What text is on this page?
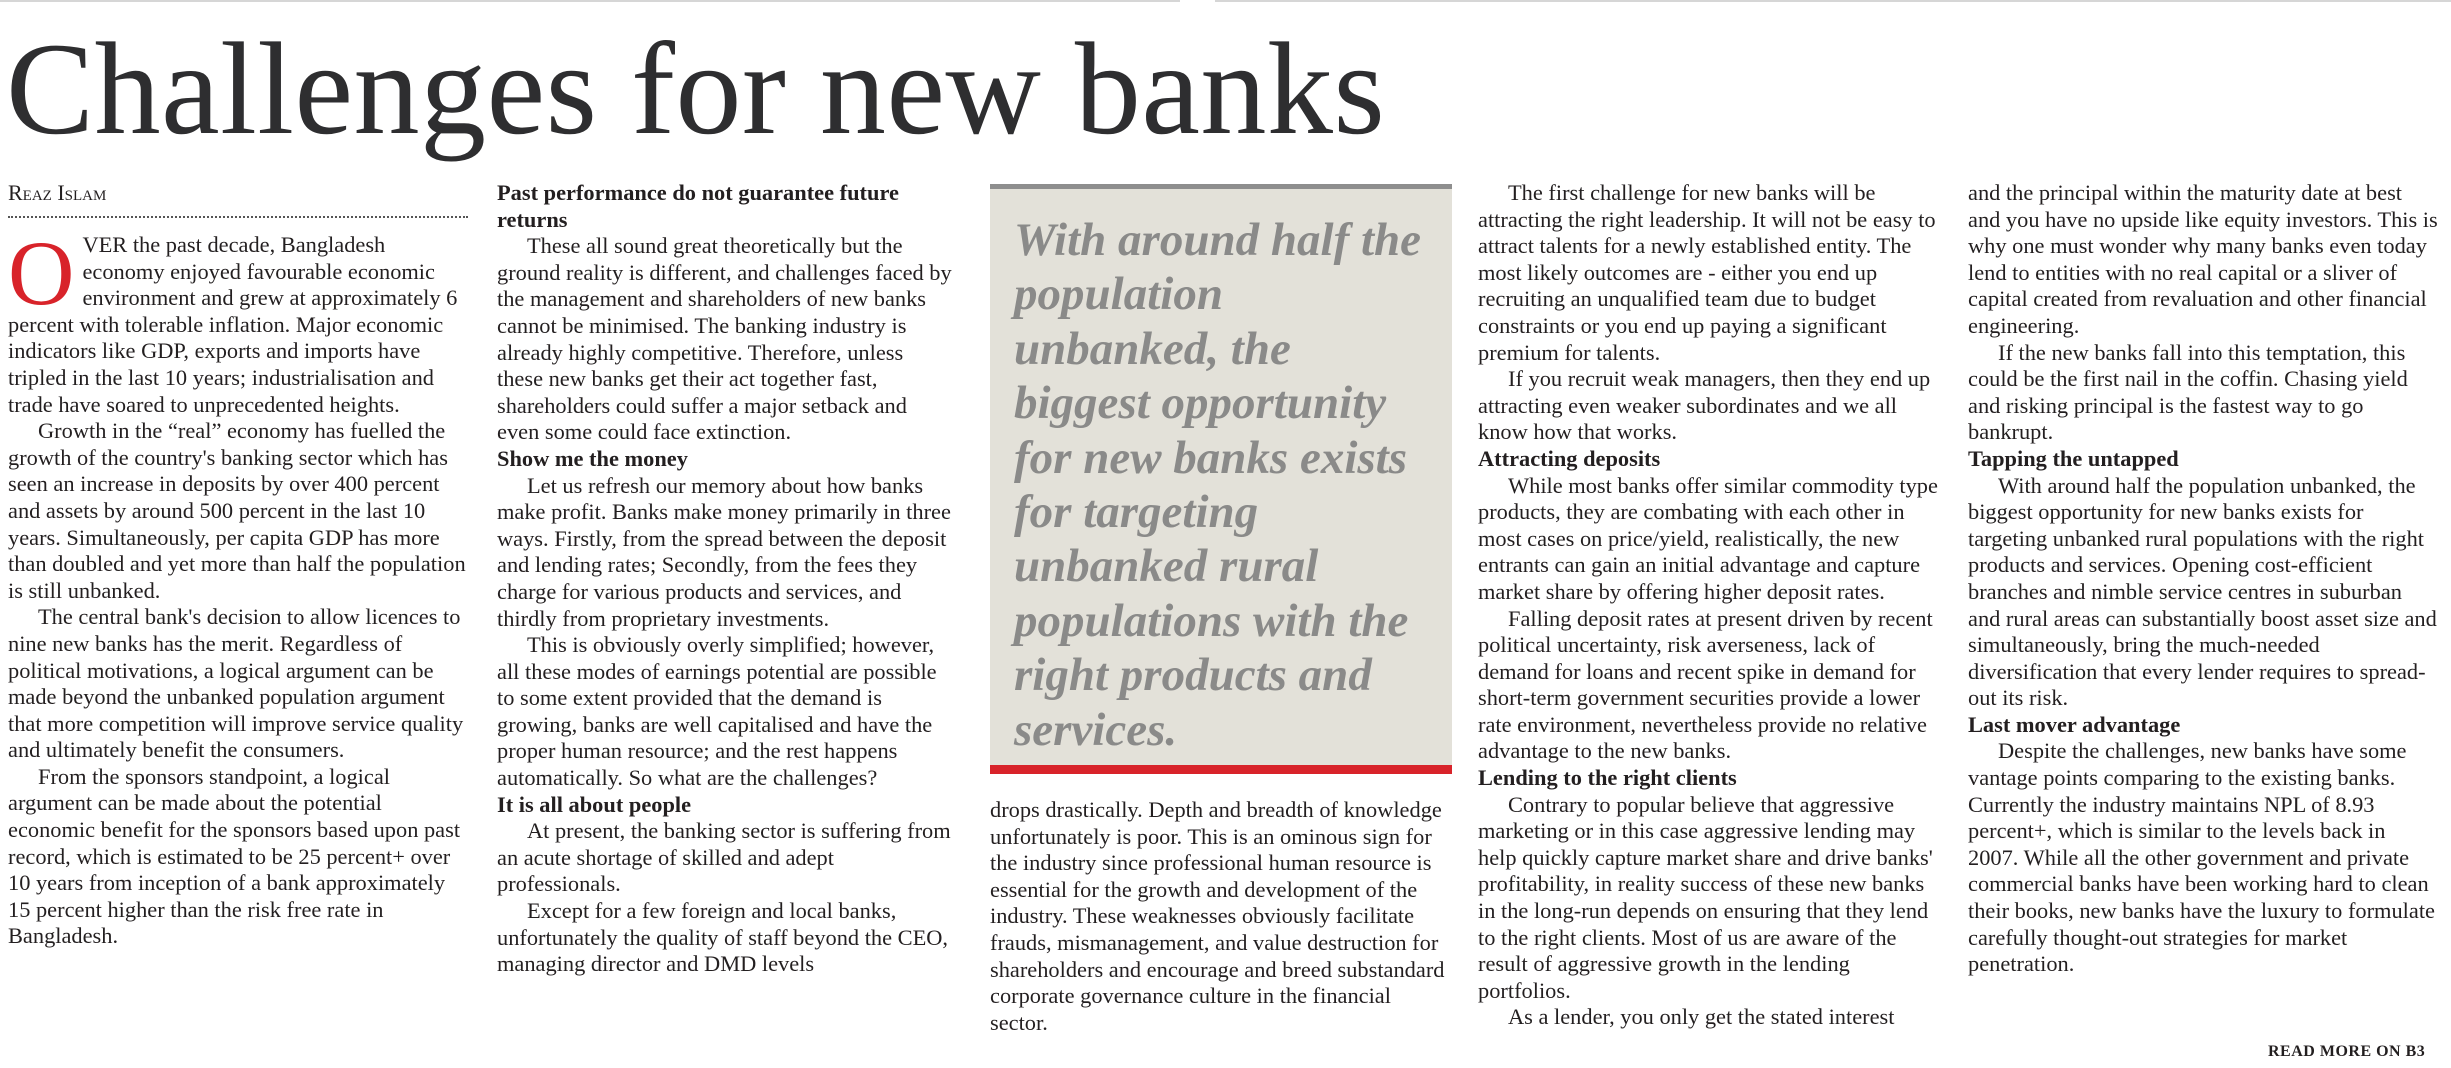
Challenges for new banks
Reaz Islam

OVER the past decade, Bangladesh economy enjoyed favourable economic environment and grew at approximately 6 percent with tolerable inflation. Major economic indicators like GDP, exports and imports have tripled in the last 10 years; industrialisation and trade have soared to unprecedented heights.

Growth in the “real” economy has fuelled the growth of the country's banking sector which has seen an increase in deposits by over 400 percent and assets by around 500 percent in the last 10 years. Simultaneously, per capita GDP has more than doubled and yet more than half the population is still unbanked.

The central bank's decision to allow licences to nine new banks has the merit. Regardless of political motivations, a logical argument can be made beyond the unbanked population argument that more competition will improve service quality and ultimately benefit the consumers.

From the sponsors standpoint, a logical argument can be made about the potential economic benefit for the sponsors based upon past record, which is estimated to be 25 percent+ over 10 years from inception of a bank approximately 15 percent higher than the risk free rate in Bangladesh.

Past performance do not guarantee future returns

These all sound great theoretically but the ground reality is different, and challenges faced by the management and shareholders of new banks cannot be minimised. The banking industry is already highly competitive. Therefore, unless these new banks get their act together fast, shareholders could suffer a major setback and even some could face extinction.

Show me the money

Let us refresh our memory about how banks make profit. Banks make money primarily in three ways. Firstly, from the spread between the deposit and lending rates; Secondly, from the fees they charge for various products and services, and thirdly from proprietary investments.

This is obviously overly simplified; however, all these modes of earnings potential are possible to some extent provided that the demand is growing, banks are well capitalised and have the proper human resource; and the rest happens automatically. So what are the challenges?

It is all about people

At present, the banking sector is suffering from an acute shortage of skilled and adept professionals.

Except for a few foreign and local banks, unfortunately the quality of staff beyond the CEO, managing director and DMD levels

With around half the population unbanked, the biggest opportunity for new banks exists for targeting unbanked rural populations with the right products and services.

drops drastically. Depth and breadth of knowledge unfortunately is poor. This is an ominous sign for the industry since professional human resource is essential for the growth and development of the industry. These weaknesses obviously facilitate frauds, mismanagement, and value destruction for shareholders and encourage and breed substandard corporate governance culture in the financial sector.

The first challenge for new banks will be attracting the right leadership. It will not be easy to attract talents for a newly established entity. The most likely outcomes are - either you end up recruiting an unqualified team due to budget constraints or you end up paying a significant premium for talents.

If you recruit weak managers, then they end up attracting even weaker subordinates and we all know how that works.

Attracting deposits

While most banks offer similar commodity type products, they are combating with each other in most cases on price/yield, realistically, the new entrants can gain an initial advantage and capture market share by offering higher deposit rates.

Falling deposit rates at present driven by recent political uncertainty, risk averseness, lack of demand for loans and recent spike in demand for short-term government securities provide a lower rate environment, nevertheless provide no relative advantage to the new banks.

Lending to the right clients

Contrary to popular believe that aggressive marketing or in this case aggressive lending may help quickly capture market share and drive banks' profitability, in reality success of these new banks in the long-run depends on ensuring that they lend to the right clients. Most of us are aware of the result of aggressive growth in the lending portfolios.

As a lender, you only get the stated interest

and the principal within the maturity date at best and you have no upside like equity investors. This is why one must wonder why many banks even today lend to entities with no real capital or a sliver of capital created from revaluation and other financial engineering.

If the new banks fall into this temptation, this could be the first nail in the coffin. Chasing yield and risking principal is the fastest way to go bankrupt.

Tapping the untapped

With around half the population unbanked, the biggest opportunity for new banks exists for targeting unbanked rural populations with the right products and services. Opening cost-efficient branches and nimble service centres in suburban and rural areas can substantially boost asset size and simultaneously, bring the much-needed diversification that every lender requires to spread-out its risk.

Last mover advantage

Despite the challenges, new banks have some vantage points comparing to the existing banks. Currently the industry maintains NPL of 8.93 percent+, which is similar to the levels back in 2007. While all the other government and private commercial banks have been working hard to clean their books, new banks have the luxury to formulate carefully thought-out strategies for market penetration.

READ MORE ON B3
